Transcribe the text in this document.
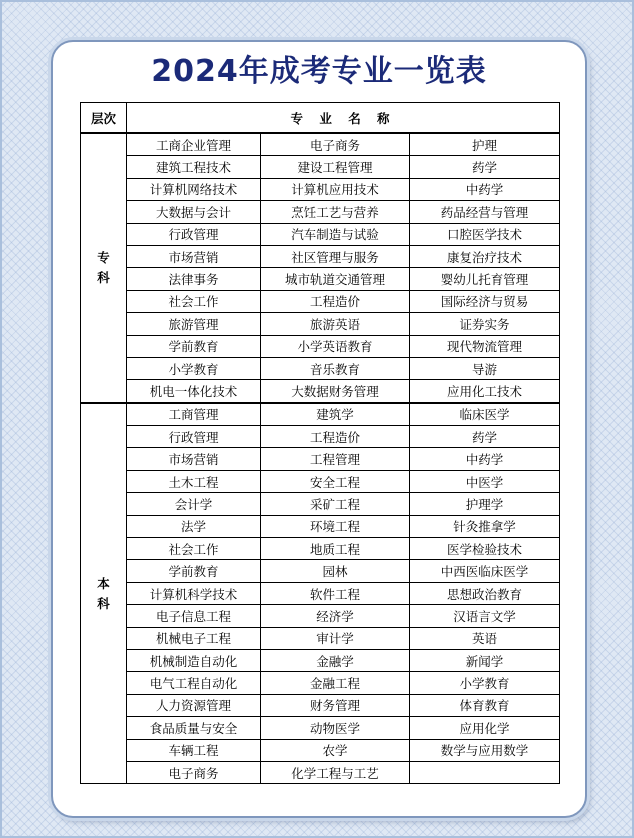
2024年成考专业一览表
层次	专 业 名 称		

专
科	工商企业管理	电子商务	护理
	建筑工程技术	建设工程管理	药学
	计算机网络技术	计算机应用技术	中药学
	大数据与会计	烹饪工艺与营养	药品经营与管理
	行政管理	汽车制造与试验	口腔医学技术
	市场营销	社区管理与服务	康复治疗技术
	法律事务	城市轨道交通管理	婴幼儿托育管理
	社会工作	工程造价	国际经济与贸易
	旅游管理	旅游英语	证券实务
	学前教育	小学英语教育	现代物流管理
	小学教育	音乐教育	导游
	机电一体化技术	大数据财务管理	应用化工技术

本
科	工商管理	建筑学	临床医学
	行政管理	工程造价	药学
	市场营销	工程管理	中药学
	土木工程	安全工程	中医学
	会计学	采矿工程	护理学
	法学	环境工程	针灸推拿学
	社会工作	地质工程	医学检验技术
	学前教育	园林	中西医临床医学
	计算机科学技术	软件工程	思想政治教育
	电子信息工程	经济学	汉语言文学
	机械电子工程	审计学	英语
	机械制造自动化	金融学	新闻学
	电气工程自动化	金融工程	小学教育
	人力资源管理	财务管理	体育教育
	食品质量与安全	动物医学	应用化学
	车辆工程	农学	数学与应用数学
	电子商务	化学工程与工艺	
